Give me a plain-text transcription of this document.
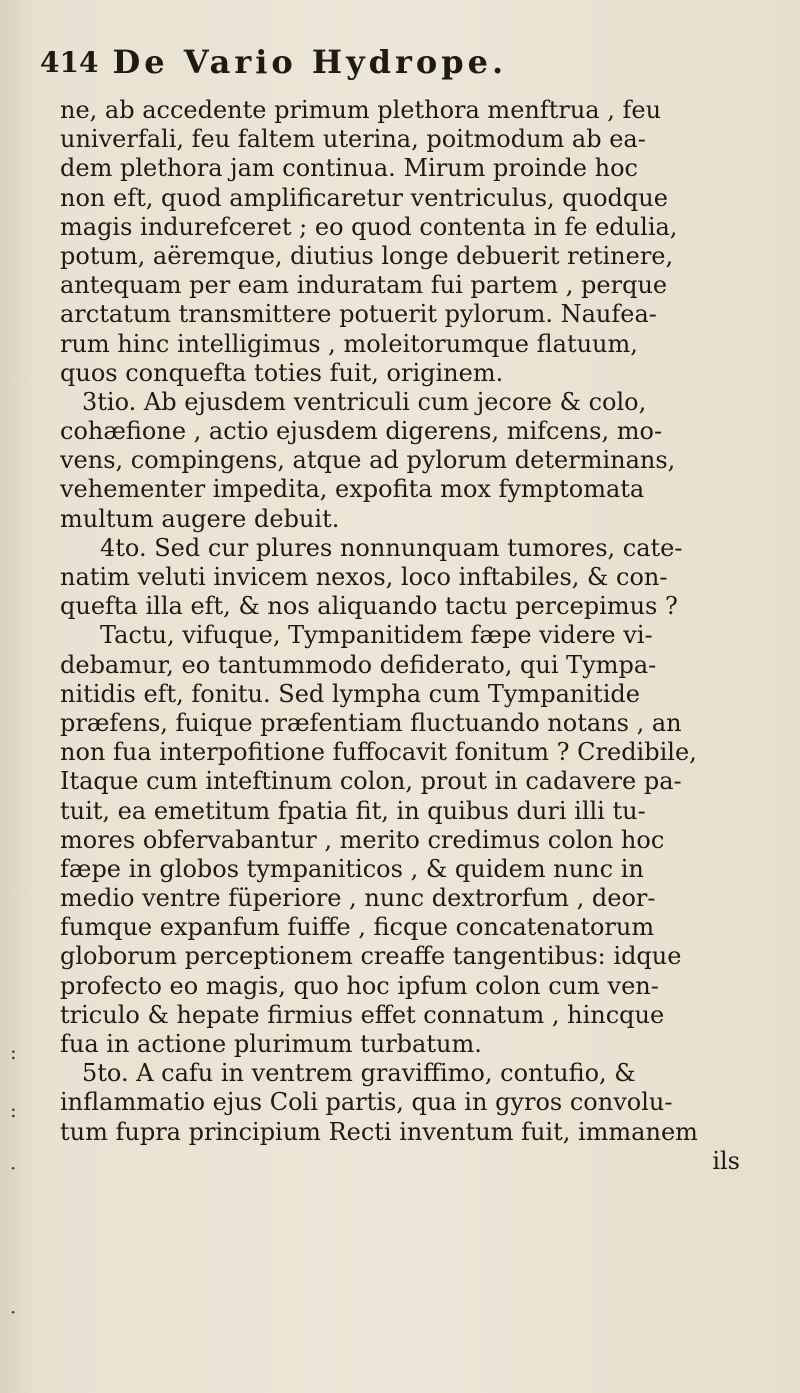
414 De Vario Hydrope.
ne, ab accedente primum plethora menftrua , feu
univerfali, feu faltem uterina, poitmodum ab ea-
dem plethora jam continua. Mirum proinde hoc
non eft, quod amplificaretur ventriculus, quodque
magis indurefceret ; eo quod contenta in fe edulia,
potum, aëremque, diutius longe debuerit retinere,
antequam per eam induratam fui partem , perque
arctatum transmittere potuerit pylorum. Naufea-
rum hinc intelligimus , moleitorumque flatuum,
quos conquefta toties fuit, originem.
3tio. Ab ejusdem ventriculi cum jecore & colo,
cohæfione , actio ejusdem digerens, mifcens, mo-
vens, compingens, atque ad pylorum determinans,
vehementer impedita, expofita mox fymptomata
multum augere debuit.
4to. Sed cur plures nonnunquam tumores, cate-
natim veluti invicem nexos, loco inftabiles, & con-
quefta illa eft, & nos aliquando tactu percepimus ?
Tactu, vifuque, Tympanitidem fæpe videre vi-
debamur, eo tantummodo defiderato, qui Tympa-
nitidis eft, fonitu. Sed lympha cum Tympanitide
præfens, fuique præfentiam fluctuando notans , an
non fua interpofitione fuffocavit fonitum ? Credibile,
Itaque cum inteftinum colon, prout in cadavere pa-
tuit, ea emetitum fpatia fit, in quibus duri illi tu-
mores obfervabantur , merito credimus colon hoc
fæpe in globos tympaniticos , & quidem nunc in
medio ventre füperiore , nunc dextrorfum , deor-
fumque expanfum fuiffe , ficque concatenatorum
globorum perceptionem creaffe tangentibus: idque
profecto eo magis, quo hoc ipfum colon cum ven-
triculo & hepate firmius effet connatum , hincque
fua in actione plurimum turbatum.
5to. A cafu in ventrem graviffimo, contufio, &
inflammatio ejus Coli partis, qua in gyros convolu-
tum fupra principium Recti inventum fuit, immanem
ils
:
:
·
·
